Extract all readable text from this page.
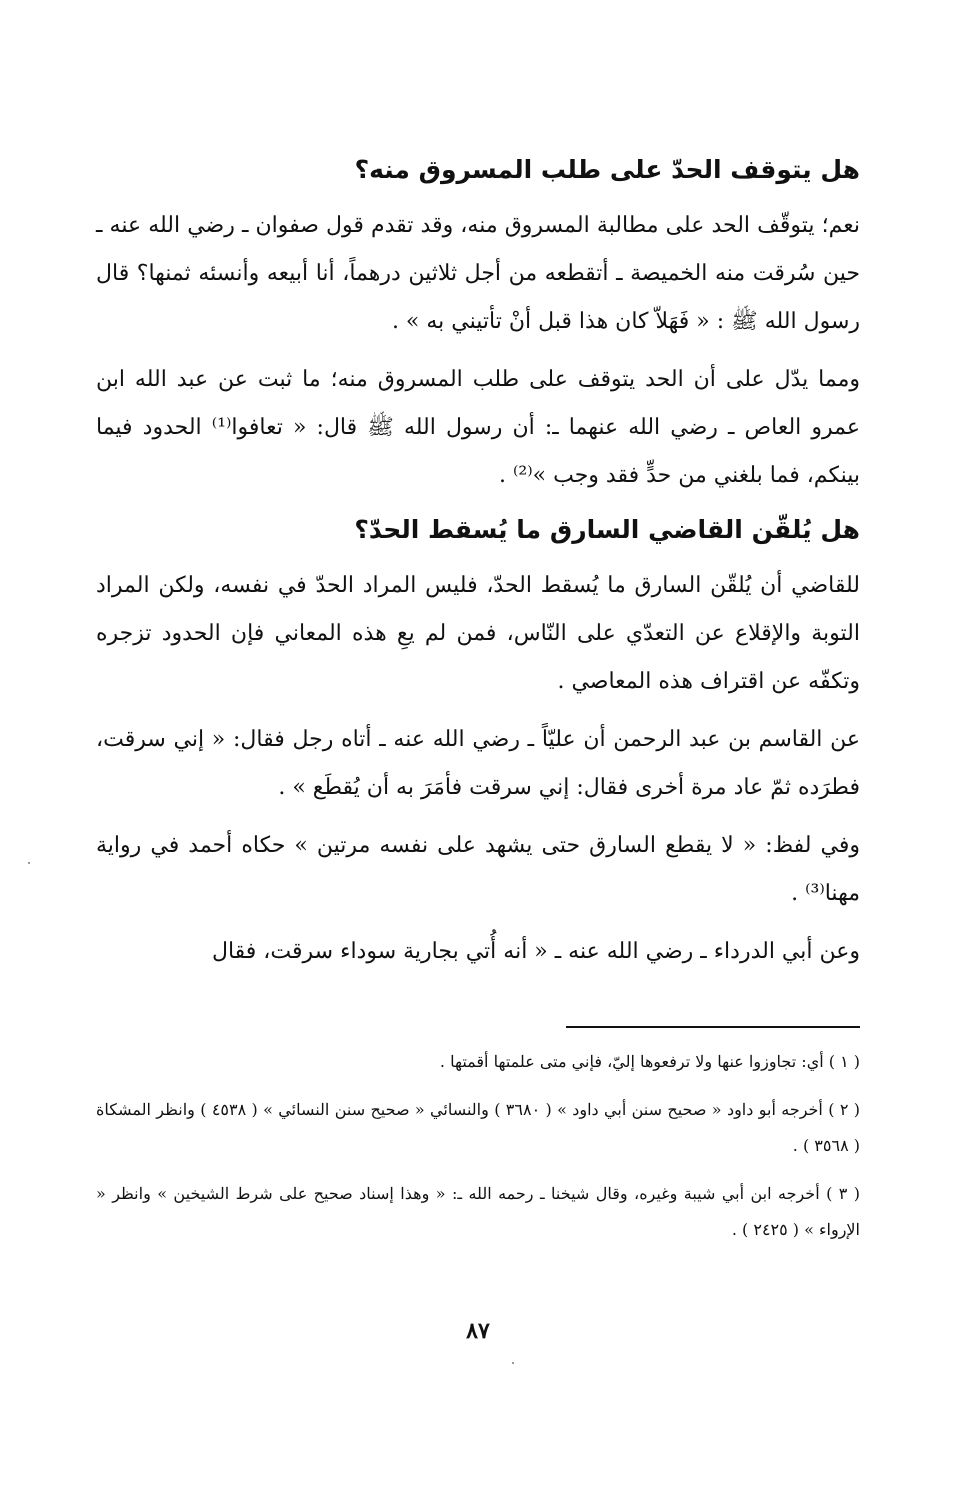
هل يتوقف الحدّ على طلب المسروق منه؟

نعم؛ يتوقّف الحد على مطالبة المسروق منه، وقد تقدم قول صفوان ـ رضي الله عنه ـ حين سُرقت منه الخميصة ـ أتقطعه من أجل ثلاثين درهماً، أنا أبيعه وأنسئه ثمنها؟ قال رسول الله ﷺ : « فَهَلاّ كان هذا قبل أنْ تأتيني به » .

ومما يدّل على أن الحد يتوقف على طلب المسروق منه؛ ما ثبت عن عبد الله ابن عمرو العاص ـ رضي الله عنهما ـ: أن رسول الله ﷺ قال: « تعافوا⁽¹⁾ الحدود فيما بينكم، فما بلغني من حدٍّ فقد وجب »⁽²⁾ .

هل يُلقّن القاضي السارق ما يُسقط الحدّ؟

للقاضي أن يُلقّن السارق ما يُسقط الحدّ، فليس المراد الحدّ في نفسه، ولكن المراد التوبة والإقلاع عن التعدّي على النّاس، فمن لم يعِ هذه المعاني فإن الحدود تزجره وتكفّه عن اقتراف هذه المعاصي .

عن القاسم بن عبد الرحمن أن عليّاً ـ رضي الله عنه ـ أتاه رجل فقال: « إني سرقت، فطرَده ثمّ عاد مرة أخرى فقال: إني سرقت فأمَرَ به أن يُقطَع » .

وفي لفظ: « لا يقطع السارق حتى يشهد على نفسه مرتين » حكاه أحمد في رواية مهنا⁽³⁾ .

وعن أبي الدرداء ـ رضي الله عنه ـ « أنه أُتي بجارية سوداء سرقت، فقال

( ١ ) أي: تجاوزوا عنها ولا ترفعوها إليّ، فإني متى علمتها أقمتها .

( ٢ ) أخرجه أبو داود « صحيح سنن أبي داود » ( ٣٦٨٠ ) والنسائي « صحيح سنن النسائي » ( ٤٥٣٨ ) وانظر المشكاة ( ٣٥٦٨ ) .

( ٣ ) أخرجه ابن أبي شيبة وغيره، وقال شيخنا ـ رحمه الله ـ: « وهذا إسناد صحيح على شرط الشيخين » وانظر « الإرواء » ( ٢٤٢٥ ) .

٨٧
